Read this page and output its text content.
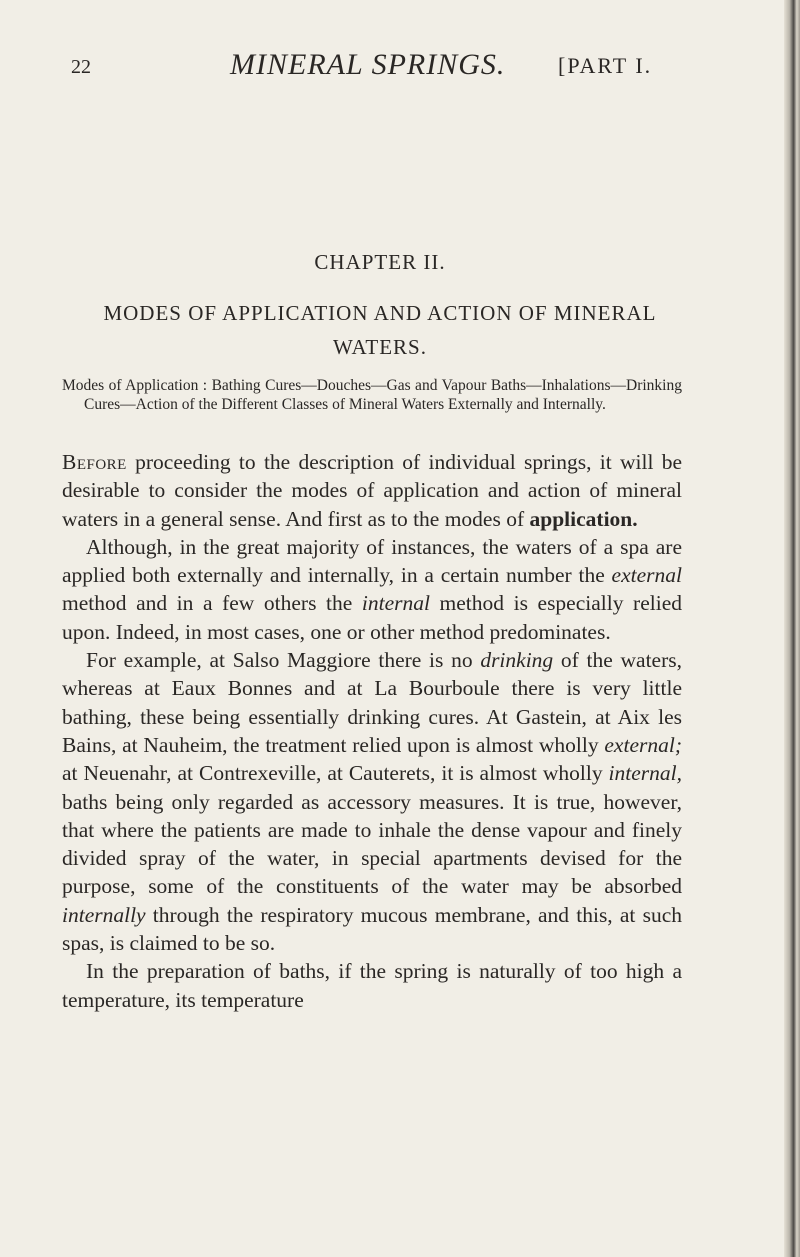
22	MINERAL SPRINGS. [PART I.
CHAPTER II.
MODES OF APPLICATION AND ACTION OF MINERAL WATERS.
Modes of Application : Bathing Cures—Douches—Gas and Vapour Baths—Inhalations—Drinking Cures—Action of the Different Classes of Mineral Waters Externally and Internally.

Before proceeding to the description of individual springs, it will be desirable to consider the modes of application and action of mineral waters in a general sense. And first as to the modes of application.

Although, in the great majority of instances, the waters of a spa are applied both externally and internally, in a certain number the external method and in a few others the internal method is especially relied upon. Indeed, in most cases, one or other method predominates.

For example, at Salso Maggiore there is no drinking of the waters, whereas at Eaux Bonnes and at La Bourboule there is very little bathing, these being essentially drinking cures. At Gastein, at Aix les Bains, at Nauheim, the treatment relied upon is almost wholly external; at Neuenahr, at Contrexeville, at Cauterets, it is almost wholly internal, baths being only regarded as accessory measures. It is true, however, that where the patients are made to inhale the dense vapour and finely divided spray of the water, in special apartments devised for the purpose, some of the constituents of the water may be absorbed internally through the respiratory mucous membrane, and this, at such spas, is claimed to be so.

In the preparation of baths, if the spring is naturally of too high a temperature, its temperature
